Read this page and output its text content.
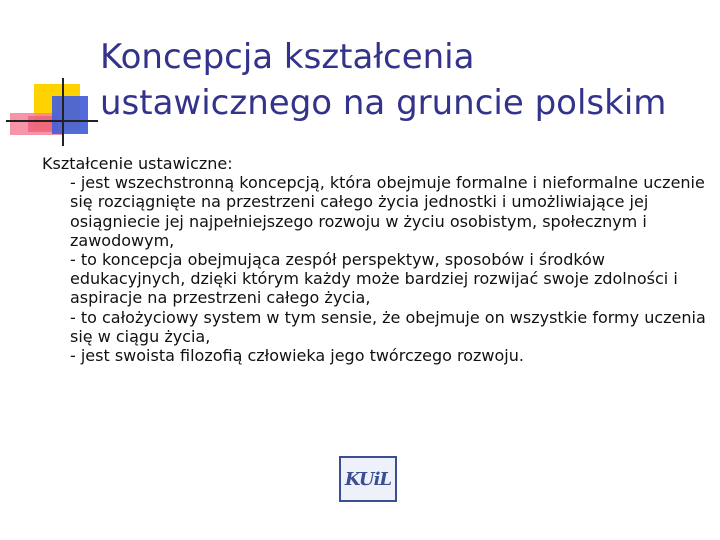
Koncepcja kształcenia
ustawicznego na gruncie polskim

Kształcenie ustawiczne:

- jest wszechstronną koncepcją, która obejmuje formalne i nieformalne uczenie się rozciągnięte na przestrzeni całego życia jednostki i umożliwiające jej osiągniecie jej najpełniejszego rozwoju w życiu osobistym, społecznym i zawodowym,

- to koncepcja obejmująca zespół perspektyw, sposobów i środków edukacyjnych, dzięki którym każdy może bardziej rozwijać swoje zdolności i aspiracje na przestrzeni całego życia,

- to całożyciowy system w tym sensie, że obejmuje on wszystkie formy uczenia się w ciągu życia,

- jest swoista filozofią człowieka jego twórczego rozwoju.

KUiL
